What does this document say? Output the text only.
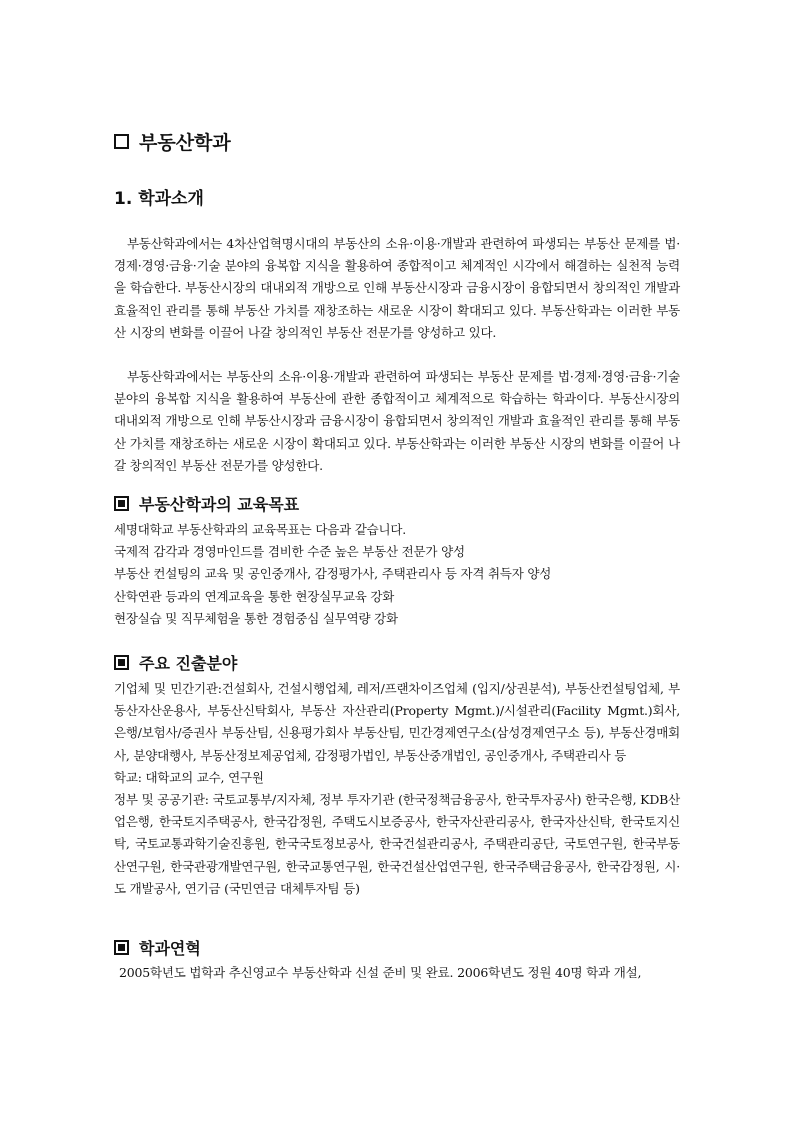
부동산학과
1. 학과소개

부동산학과에서는 4차산업혁명시대의 부동산의 소유·이용·개발과 관련하여 파생되는 부동산 문제를 법·경제·경영·금융·기술 분야의 융복합 지식을 활용하여 종합적이고 체계적인 시각에서 해결하는 실천적 능력을 학습한다. 부동산시장의 대내외적 개방으로 인해 부동산시장과 금융시장이 융합되면서 창의적인 개발과 효율적인 관리를 통해 부동산 가치를 재창조하는 새로운 시장이 확대되고 있다. 부동산학과는 이러한 부동산 시장의 변화를 이끌어 나갈 창의적인 부동산 전문가를 양성하고 있다.

부동산학과에서는 부동산의 소유·이용·개발과 관련하여 파생되는 부동산 문제를 법·경제·경영·금융·기술 분야의 융복합 지식을 활용하여 부동산에 관한 종합적이고 체계적으로 학습하는 학과이다. 부동산시장의 대내외적 개방으로 인해 부동산시장과 금융시장이 융합되면서 창의적인 개발과 효율적인 관리를 통해 부동산 가치를 재창조하는 새로운 시장이 확대되고 있다. 부동산학과는 이러한 부동산 시장의 변화를 이끌어 나갈 창의적인 부동산 전문가를 양성한다.

부동산학과의 교육목표
세명대학교 부동산학과의 교육목표는 다음과 같습니다.
국제적 감각과 경영마인드를 겸비한 수준 높은 부동산 전문가 양성
부동산 컨설팅의 교육 및 공인중개사, 감정평가사, 주택관리사 등 자격 취득자 양성
산학연관 등과의 연계교육을 통한 현장실무교육 강화
현장실습 및 직무체험을 통한 경험중심 실무역량 강화
주요 진출분야

기업체 및 민간기관:건설회사, 건설시행업체, 레저/프랜차이즈업체 (입지/상권분석), 부동산컨설팅업체, 부동산자산운용사, 부동산신탁회사, 부동산 자산관리(Property Mgmt.)/시설관리(Facility Mgmt.)회사, 은행/보험사/증권사 부동산팀, 신용평가회사 부동산팀, 민간경제연구소(삼성경제연구소 등), 부동산경매회사, 분양대행사, 부동산정보제공업체, 감정평가법인, 부동산중개법인, 공인중개사, 주택관리사 등

학교: 대학교의 교수, 연구원

정부 및 공공기관: 국토교통부/지자체, 정부 투자기관 (한국정책금융공사, 한국투자공사) 한국은행, KDB산업은행, 한국토지주택공사, 한국감정원, 주택도시보증공사, 한국자산관리공사, 한국자산신탁, 한국토지신탁, 국토교통과학기술진흥원, 한국국토정보공사, 한국건설관리공사, 주택관리공단, 국토연구원, 한국부동산연구원, 한국관광개발연구원, 한국교통연구원, 한국건설산업연구원, 한국주택금융공사, 한국감정원, 시·도 개발공사, 연기금 (국민연금 대체투자팀 등)

학과연혁

2005학년도 법학과 추신영교수 부동산학과 신설 준비 및 완료. 2006학년도 정원 40명 학과 개설,
